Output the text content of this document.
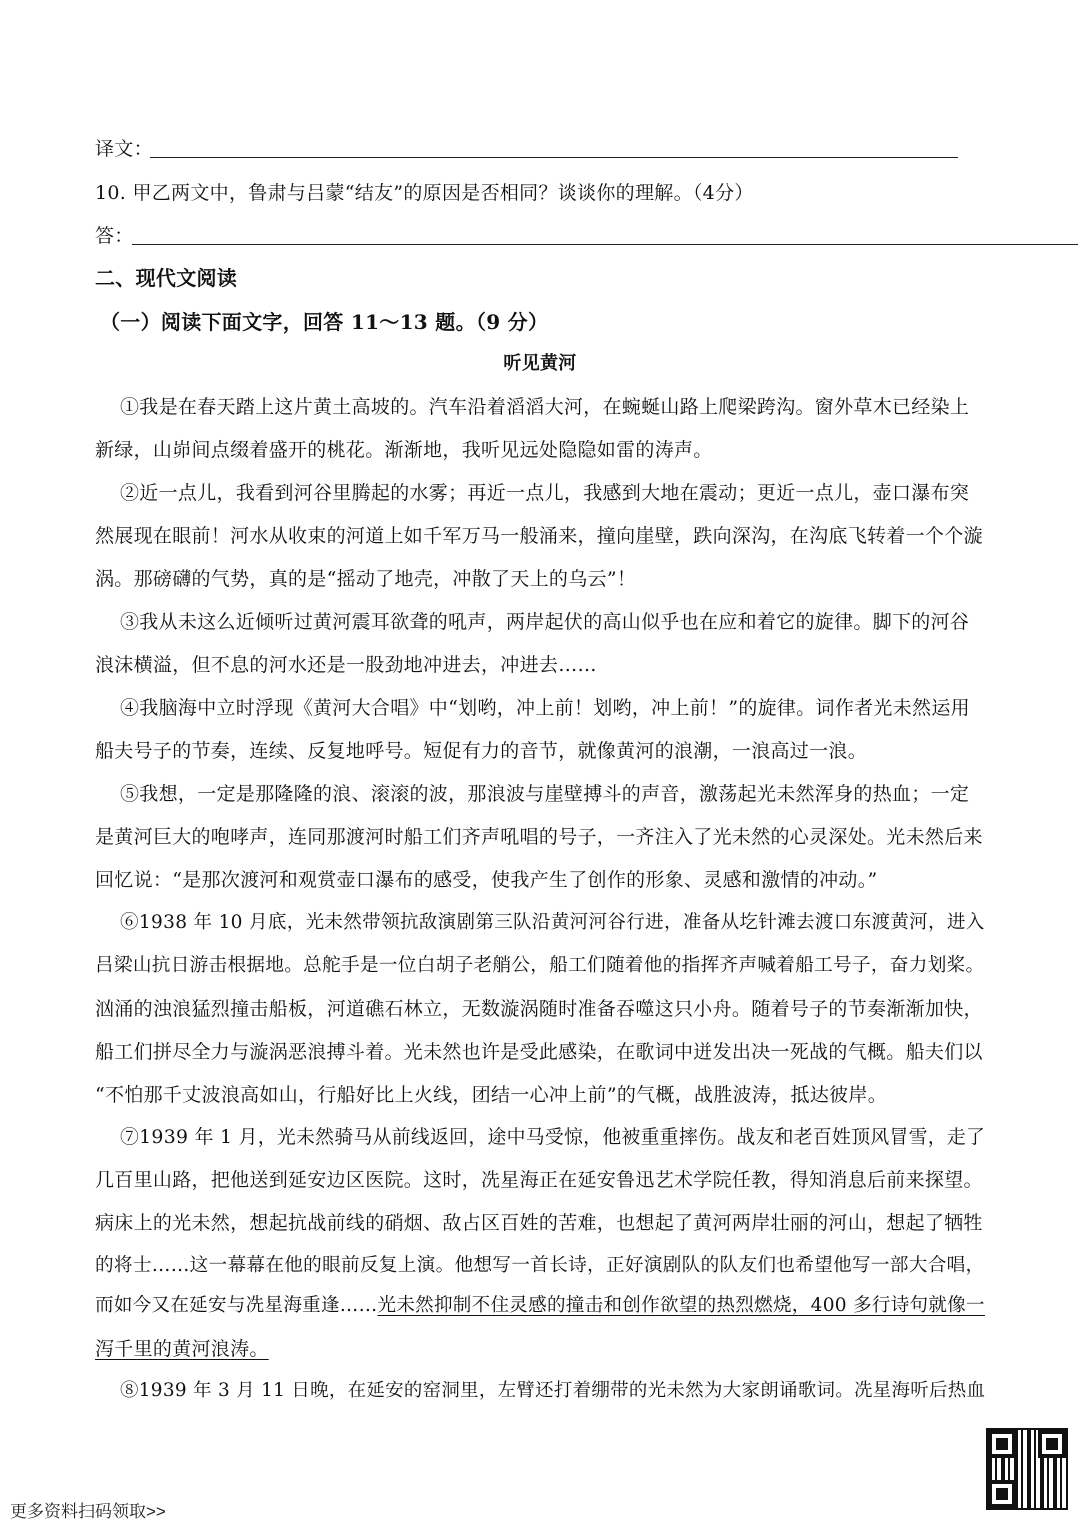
译文：
10. 甲乙两文中，鲁肃与吕蒙“结友”的原因是否相同？谈谈你的理解。（4分）
答：
二、现代文阅读
（一）阅读下面文字，回答 11～13 题。（9 分）
听见黄河
①我是在春天踏上这片黄土高坡的。汽车沿着滔滔大河，在蜿蜒山路上爬梁跨沟。窗外草木已经染上
新绿，山峁间点缀着盛开的桃花。渐渐地，我听见远处隐隐如雷的涛声。
②近一点儿，我看到河谷里腾起的水雾；再近一点儿，我感到大地在震动；更近一点儿，壶口瀑布突
然展现在眼前！河水从收束的河道上如千军万马一般涌来，撞向崖壁，跌向深沟，在沟底飞转着一个个漩
涡。那磅礴的气势，真的是“摇动了地壳，冲散了天上的乌云”！
③我从未这么近倾听过黄河震耳欲聋的吼声，两岸起伏的高山似乎也在应和着它的旋律。脚下的河谷
浪沫横溢，但不息的河水还是一股劲地冲进去，冲进去……
④我脑海中立时浮现《黄河大合唱》中“划哟，冲上前！划哟，冲上前！”的旋律。词作者光未然运用
船夫号子的节奏，连续、反复地呼号。短促有力的音节，就像黄河的浪潮，一浪高过一浪。
⑤我想，一定是那隆隆的浪、滚滚的波，那浪波与崖壁搏斗的声音，激荡起光未然浑身的热血；一定
是黄河巨大的咆哮声，连同那渡河时船工们齐声吼唱的号子，一齐注入了光未然的心灵深处。光未然后来
回忆说：“是那次渡河和观赏壶口瀑布的感受，使我产生了创作的形象、灵感和激情的冲动。”
⑥1938 年 10 月底，光未然带领抗敌演剧第三队沿黄河河谷行进，准备从圪针滩去渡口东渡黄河，进入
吕梁山抗日游击根据地。总舵手是一位白胡子老艄公，船工们随着他的指挥齐声喊着船工号子，奋力划桨。
汹涌的浊浪猛烈撞击船板，河道礁石林立，无数漩涡随时准备吞噬这只小舟。随着号子的节奏渐渐加快，
船工们拼尽全力与漩涡恶浪搏斗着。光未然也许是受此感染，在歌词中迸发出决一死战的气概。船夫们以
“不怕那千丈波浪高如山，行船好比上火线，团结一心冲上前”的气概，战胜波涛，抵达彼岸。
⑦1939 年 1 月，光未然骑马从前线返回，途中马受惊，他被重重摔伤。战友和老百姓顶风冒雪，走了
几百里山路，把他送到延安边区医院。这时，冼星海正在延安鲁迅艺术学院任教，得知消息后前来探望。
病床上的光未然，想起抗战前线的硝烟、敌占区百姓的苦难，也想起了黄河两岸壮丽的河山，想起了牺牲
的将士……这一幕幕在他的眼前反复上演。他想写一首长诗，正好演剧队的队友们也希望他写一部大合唱，
而如今又在延安与冼星海重逢……光未然抑制不住灵感的撞击和创作欲望的热烈燃烧，400 多行诗句就像一
泻千里的黄河浪涛。
⑧1939 年 3 月 11 日晚，在延安的窑洞里，左臂还打着绷带的光未然为大家朗诵歌词。冼星海听后热血
更多资料扫码领取>>
